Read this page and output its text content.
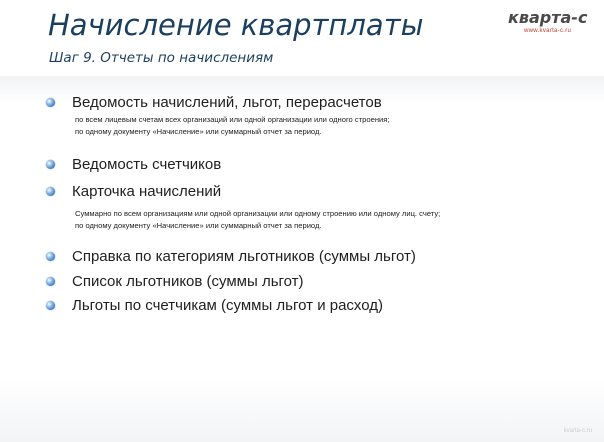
Начисление квартплаты
Шаг 9. Отчеты по начислениям
кварта-с
www.kvarta-c.ru
Ведомость начислений, льгот, перерасчетов
по всем лицевым счетам всех организаций или одной организации или одного строения;
по одному документу «Начисление» или суммарный отчет за период.
Ведомость счетчиков
Карточка начислений
Суммарно по всем организациям или одной организации или одному строению или одному лиц. счету;
по одному документу «Начисление» или суммарный отчет за период.
Справка по категориям льготников (суммы льгот)
Список льготников (суммы льгот)
Льготы по счетчикам (суммы льгот и расход)
kvarta-c.ru
